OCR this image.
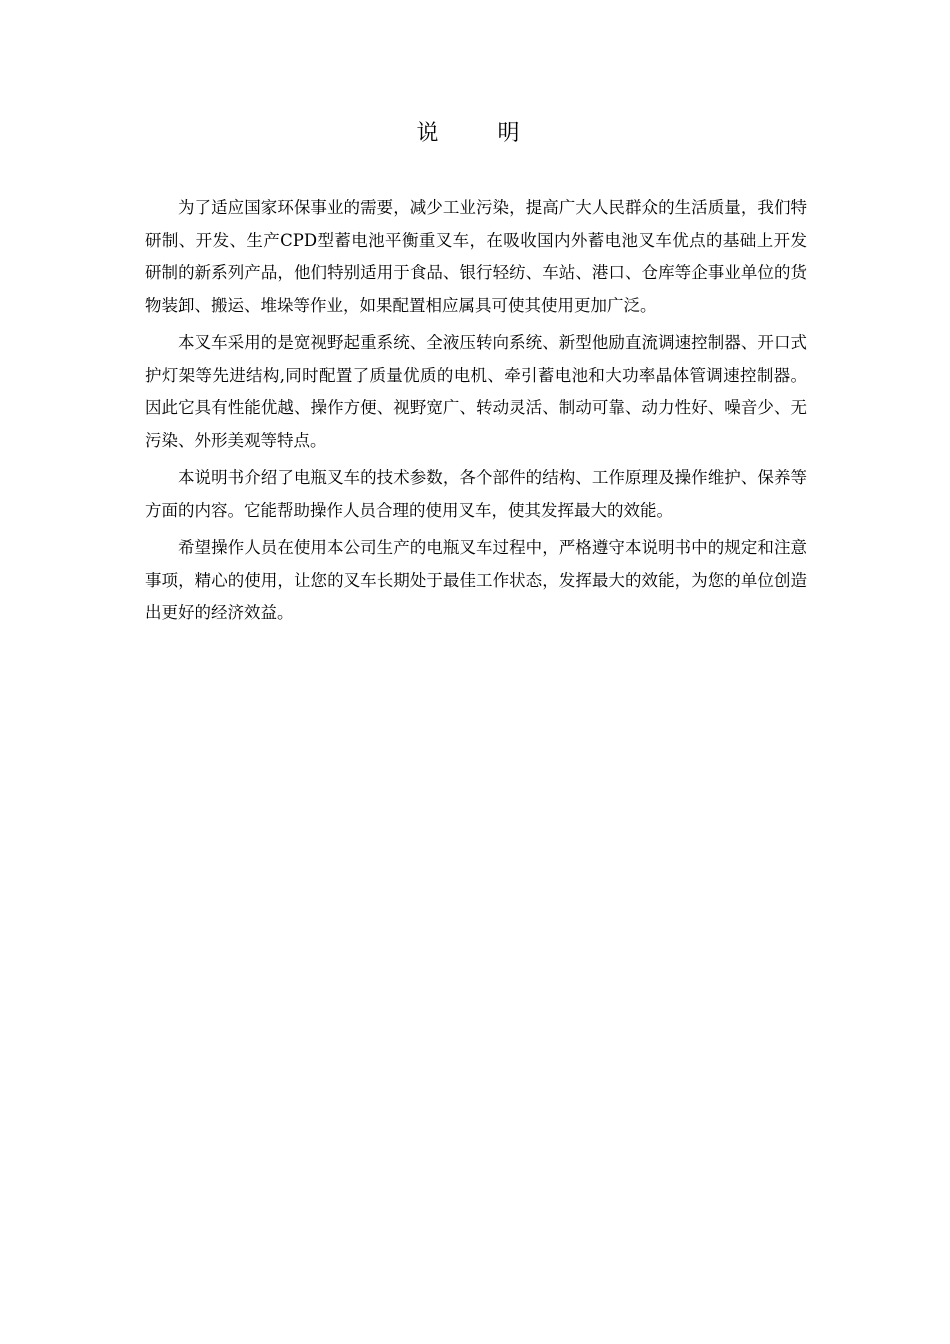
说 明

为了适应国家环保事业的需要，减少工业污染，提高广大人民群众的生活质量，我们特研制、开发、生产CPD型蓄电池平衡重叉车，在吸收国内外蓄电池叉车优点的基础上开发研制的新系列产品，他们特别适用于食品、银行轻纺、车站、港口、仓库等企事业单位的货物装卸、搬运、堆垛等作业，如果配置相应属具可使其使用更加广泛。

本叉车采用的是宽视野起重系统、全液压转向系统、新型他励直流调速控制器、开口式护灯架等先进结构,同时配置了质量优质的电机、牵引蓄电池和大功率晶体管调速控制器。因此它具有性能优越、操作方便、视野宽广、转动灵活、制动可靠、动力性好、噪音少、无污染、外形美观等特点。

本说明书介绍了电瓶叉车的技术参数，各个部件的结构、工作原理及操作维护、保养等方面的内容。它能帮助操作人员合理的使用叉车，使其发挥最大的效能。

希望操作人员在使用本公司生产的电瓶叉车过程中，严格遵守本说明书中的规定和注意事项，精心的使用，让您的叉车长期处于最佳工作状态，发挥最大的效能，为您的单位创造出更好的经济效益。
